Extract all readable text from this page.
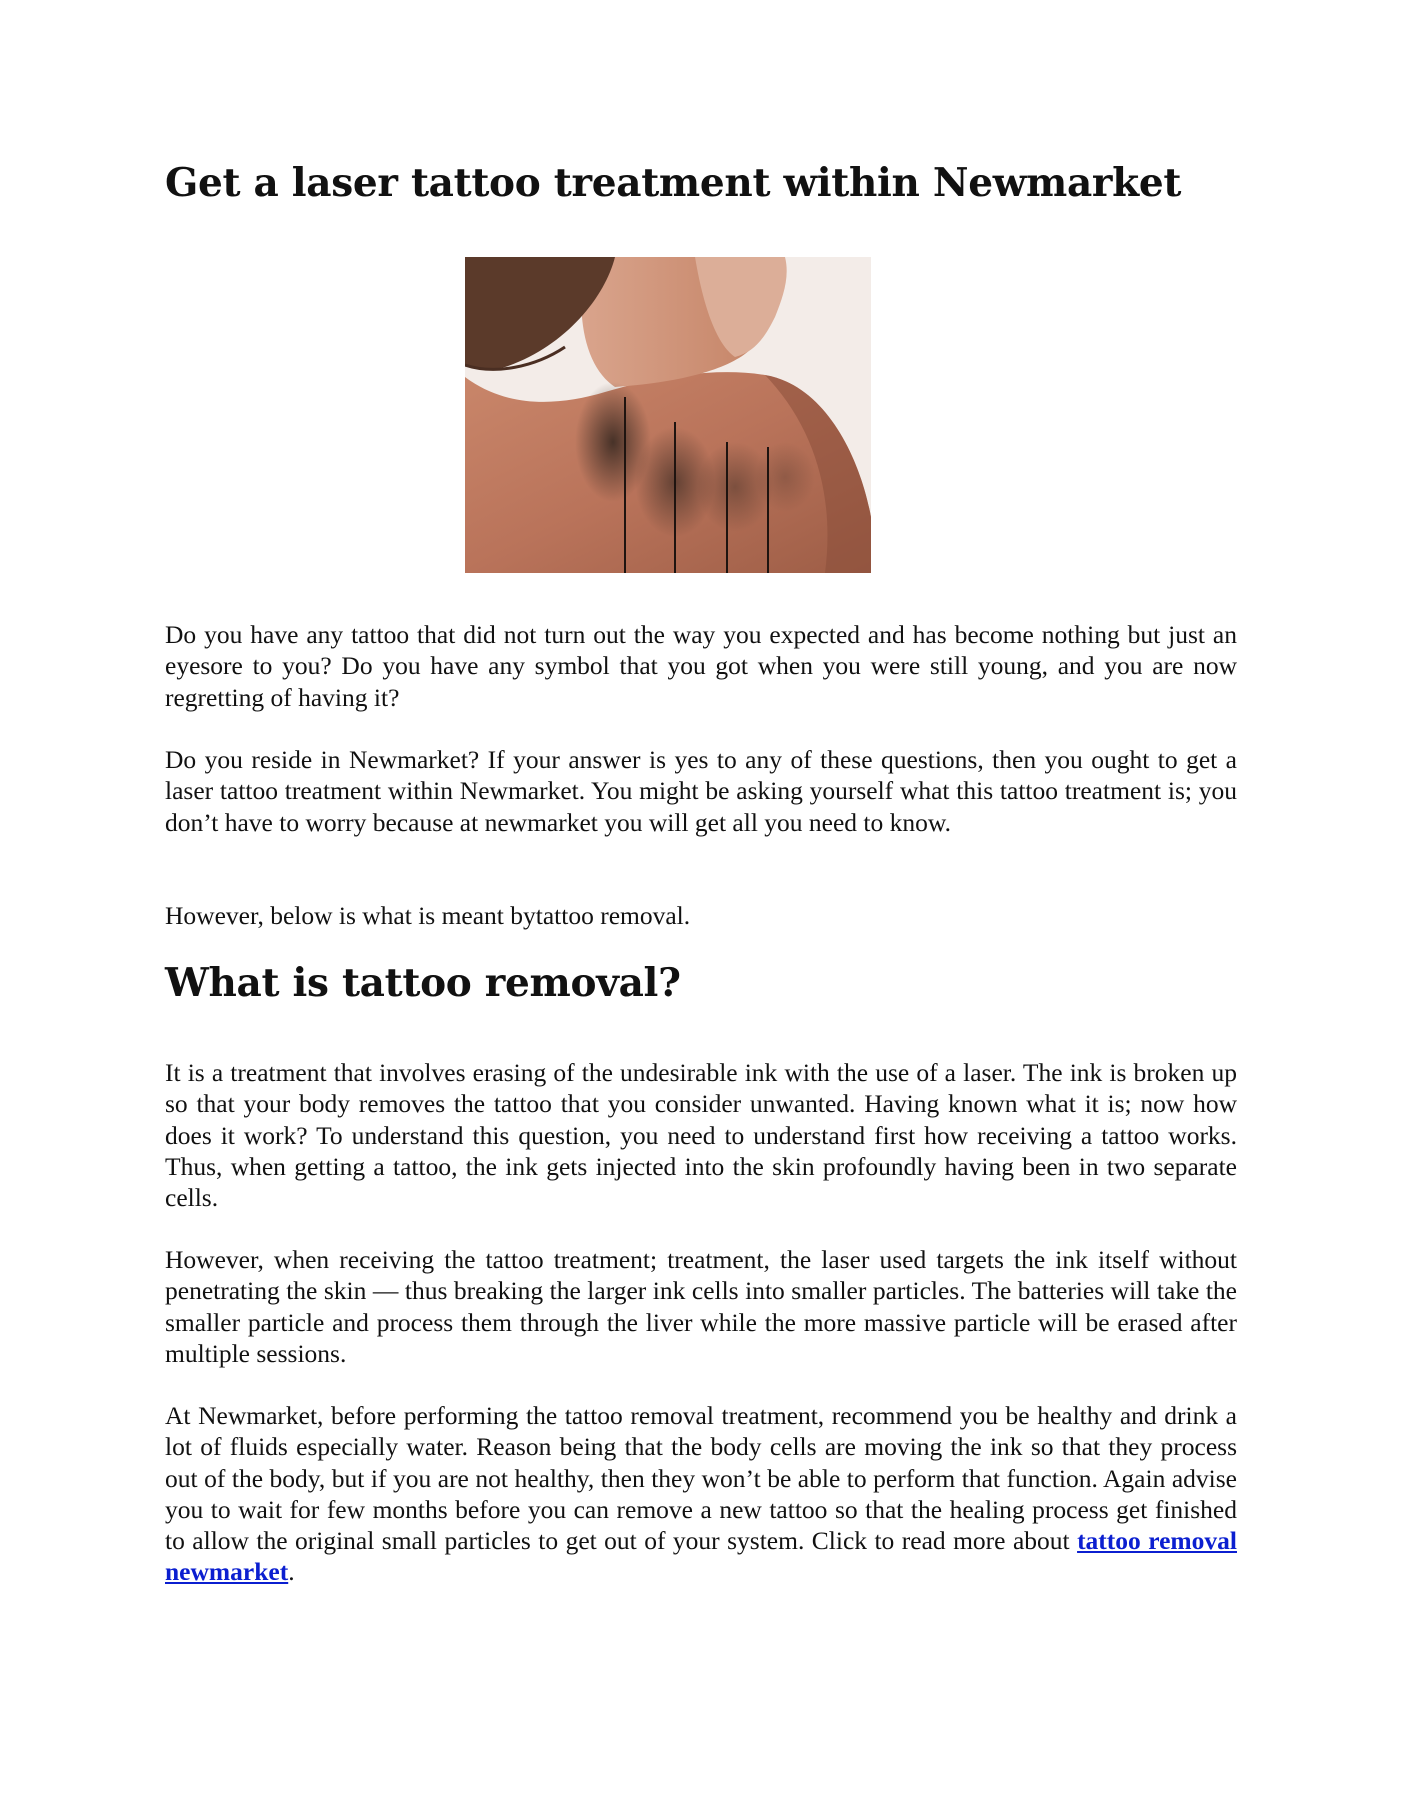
Get a laser tattoo treatment within Newmarket

Do you have any tattoo that did not turn out the way you expected and has become nothing but just an eyesore to you? Do you have any symbol that you got when you were still young, and you are now regretting of having it?

Do you reside in Newmarket? If your answer is yes to any of these questions, then you ought to get a laser tattoo treatment within Newmarket. You might be asking yourself what this tattoo treatment is; you don’t have to worry because at newmarket you will get all you need to know.

However, below is what is meant bytattoo removal.

What is tattoo removal?

It is a treatment that involves erasing of the undesirable ink with the use of a laser. The ink is broken up so that your body removes the tattoo that you consider unwanted. Having known what it is; now how does it work? To understand this question, you need to understand first how receiving a tattoo works. Thus, when getting a tattoo, the ink gets injected into the skin profoundly having been in two separate cells.

However, when receiving the tattoo treatment; treatment, the laser used targets the ink itself without penetrating the skin — thus breaking the larger ink cells into smaller particles. The batteries will take the smaller particle and process them through the liver while the more massive particle will be erased after multiple sessions.

At Newmarket, before performing the tattoo removal treatment, recommend you be healthy and drink a lot of fluids especially water. Reason being that the body cells are moving the ink so that they process out of the body, but if you are not healthy, then they won’t be able to perform that function. Again advise you to wait for few months before you can remove a new tattoo so that the healing process get finished to allow the original small particles to get out of your system. Click to read more about tattoo removal newmarket.
